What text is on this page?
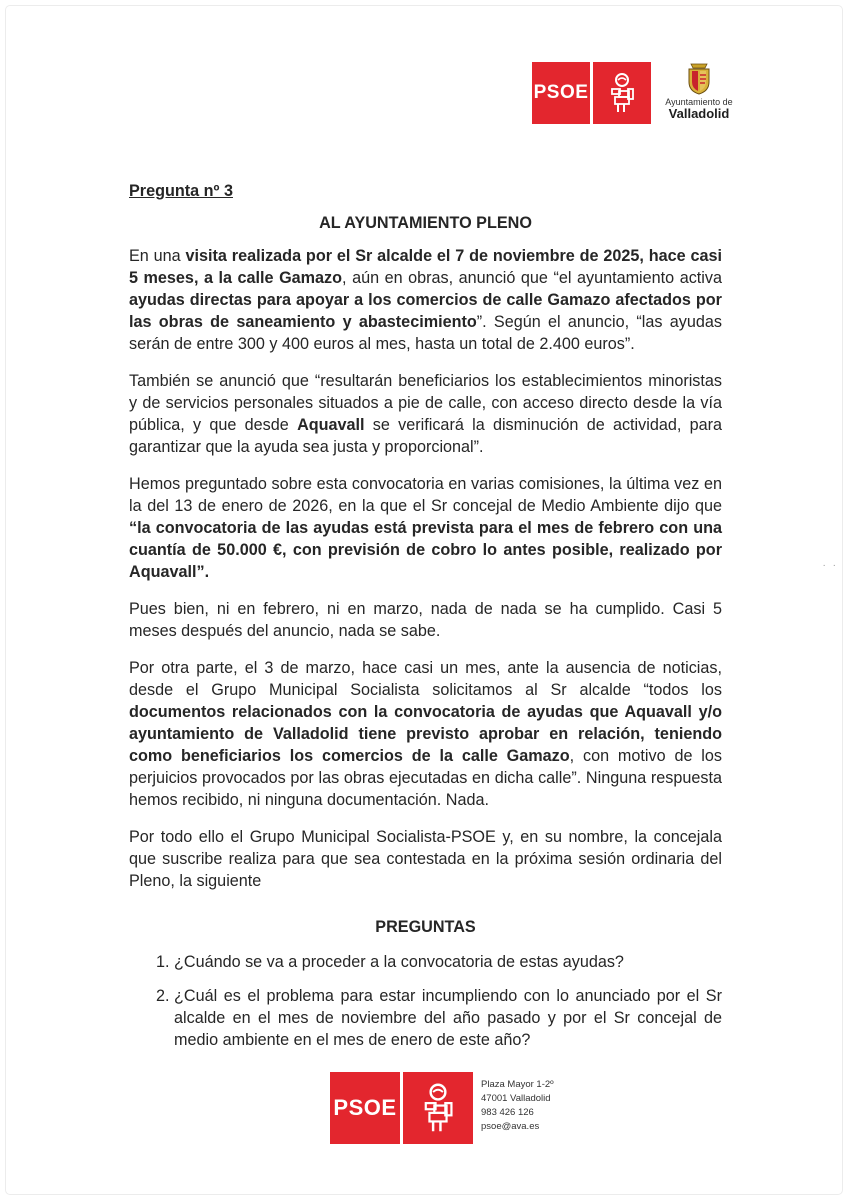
PSOE	Ayuntamiento de
Valladolid
Pregunta nº 3
AL AYUNTAMIENTO PLENO

En una visita realizada por el Sr alcalde el 7 de noviembre de 2025, hace casi 5 meses, a la calle Gamazo, aún en obras, anunció que “el ayuntamiento activa ayudas directas para apoyar a los comercios de calle Gamazo afectados por las obras de saneamiento y abastecimiento”. Según el anuncio, “las ayudas serán de entre 300 y 400 euros al mes, hasta un total de 2.400 euros”.

También se anunció que “resultarán beneficiarios los establecimientos minoristas y de servicios personales situados a pie de calle, con acceso directo desde la vía pública, y que desde Aquavall se verificará la disminución de actividad, para garantizar que la ayuda sea justa y proporcional”.

Hemos preguntado sobre esta convocatoria en varias comisiones, la última vez en la del 13 de enero de 2026, en la que el Sr concejal de Medio Ambiente dijo que “la convocatoria de las ayudas está prevista para el mes de febrero con una cuantía de 50.000 €, con previsión de cobro lo antes posible, realizado por Aquavall”.

Pues bien, ni en febrero, ni en marzo, nada de nada se ha cumplido. Casi 5 meses después del anuncio, nada se sabe.

Por otra parte, el 3 de marzo, hace casi un mes, ante la ausencia de noticias, desde el Grupo Municipal Socialista solicitamos al Sr alcalde “todos los documentos relacionados con la convocatoria de ayudas que Aquavall y/o ayuntamiento de Valladolid tiene previsto aprobar en relación, teniendo como beneficiarios los comercios de la calle Gamazo, con motivo de los perjuicios provocados por las obras ejecutadas en dicha calle”. Ninguna respuesta hemos recibido, ni ninguna documentación. Nada.

Por todo ello el Grupo Municipal Socialista-PSOE y, en su nombre, la concejala que suscribe realiza para que sea contestada en la próxima sesión ordinaria del Pleno, la siguiente

PREGUNTAS
1. ¿Cuándo se va a proceder a la convocatoria de estas ayudas?
2. ¿Cuál es el problema para estar incumpliendo con lo anunciado por el Sr alcalde en el mes de noviembre del año pasado y por el Sr concejal de medio ambiente en el mes de enero de este año?
· ·
PSOE
Plaza Mayor 1-2º
47001 Valladolid
983 426 126
psoe@ava.es
